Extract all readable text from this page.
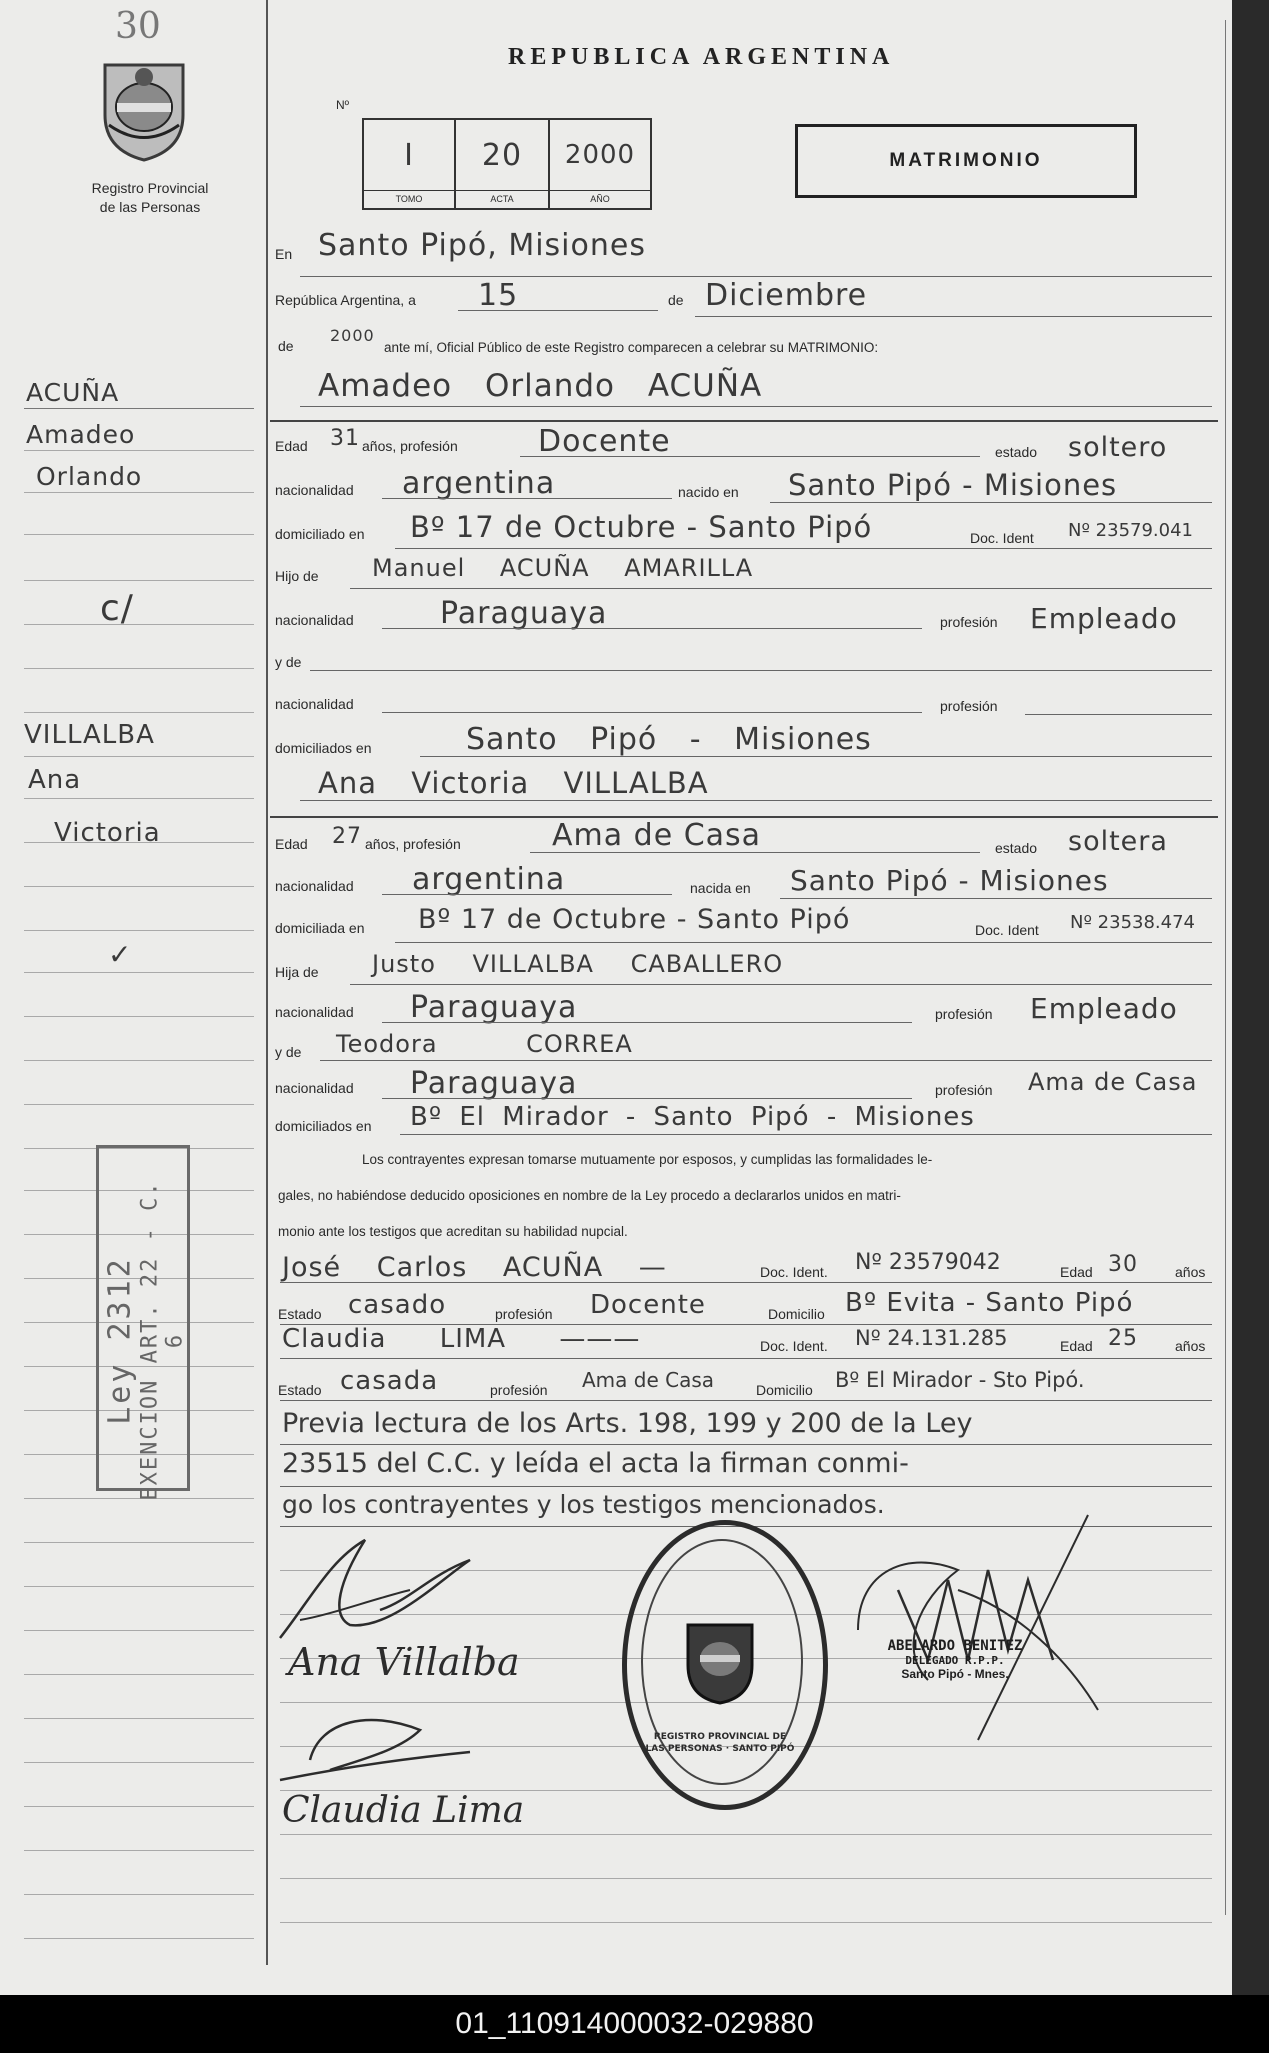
30
Registro Provincial
de las Personas
ACUÑA
Amadeo
Orlando
c/
VILLALBA
Ana
Victoria
✓
Ley 2312 EXENCION ART. 22 - C. 6
REPUBLICA ARGENTINA
Nº
I
TOMO
20
ACTA
2000
AÑO
MATRIMONIO
En Santo Pipó, Misiones
República Argentina, a 15	de Diciembre
de
2000
ante mí, Oficial Público de este Registro comparecen a celebrar su MATRIMONIO:
Amadeo Orlando ACUÑA
Edad 31 años, profesión	Docente	estado soltero
nacionalidad argentina	nacido en Santo Pipó - Misiones
domiciliado en Bº 17 de Octubre - Santo Pipó	Doc. Ident Nº 23579.041
Hijo de Manuel ACUÑA AMARILLA
nacionalidad	Paraguaya	profesión Empleado
y de
nacionalidad	profesión
domiciliados en	Santo Pipó - Misiones
Ana Victoria VILLALBA
Edad 27 años, profesión	Ama de Casa	estado soltera
nacionalidad argentina	nacida en Santo Pipó - Misiones
domiciliada en Bº 17 de Octubre - Santo Pipó	Doc. Ident Nº 23538.474
Hija de Justo VILLALBA CABALLERO
nacionalidad Paraguaya	profesión Empleado
y de Teodora CORREA
nacionalidad Paraguaya	profesión Ama de Casa
domiciliados en Bº El Mirador - Santo Pipó - Misiones
Los contrayentes expresan tomarse mutuamente por esposos, y cumplidas las formalidades le-
gales, no habiéndose deducido oposiciones en nombre de la Ley procedo a declararlos unidos en matri-
monio ante los testigos que acreditan su habilidad nupcial.
José Carlos ACUÑA —	Doc. Ident. Nº 23579042	Edad 30	años
Estado casado	profesión Docente	Domicilio Bº Evita - Santo Pipó
Claudia LIMA ———	Doc. Ident. Nº 24.131.285	Edad 25	años
Estado casada	profesión Ama de Casa	Domicilio Bº El Mirador - Sto Pipó.
Previa lectura de los Arts. 198, 199 y 200 de la Ley
23515 del C.C. y leída el acta la firman conmi-
go los contrayentes y los testigos mencionados.
Ana Villalba
Claudia Lima
REGISTRO PROVINCIAL DE LAS PERSONAS · SANTO PIPÓ
ABELARDO BENITEZ
DELEGADO R.P.P.
Santo Pipó - Mnes.
01_110914000032-029880
